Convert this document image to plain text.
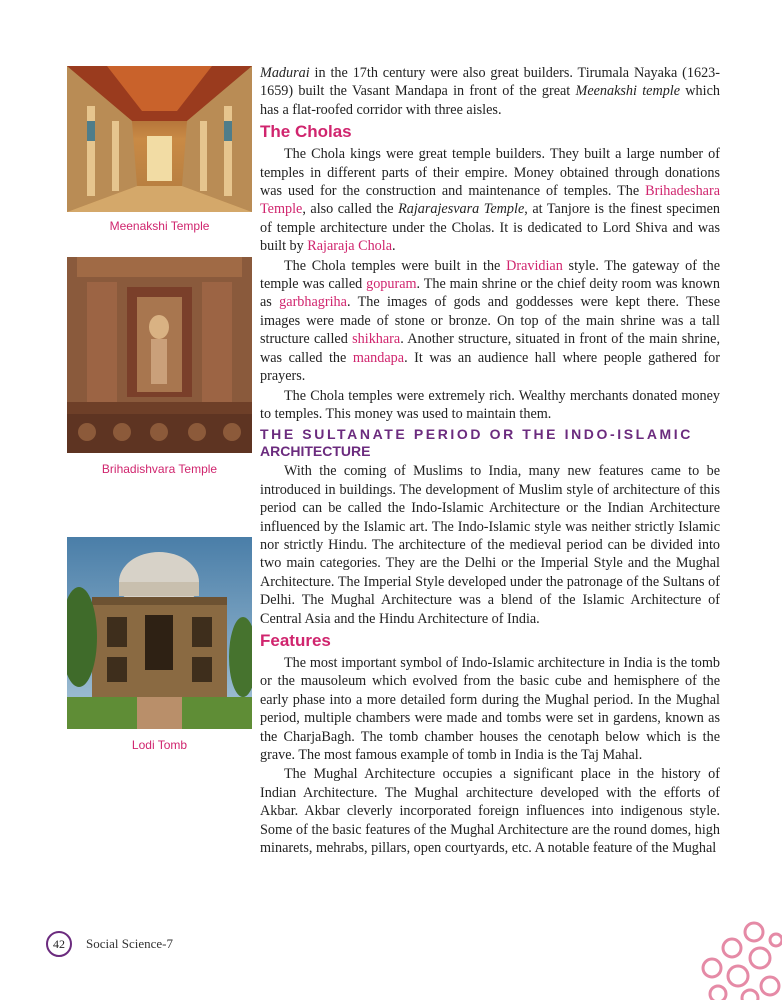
Meenakshi Temple
Brihadishvara Temple
Lodi Tomb

Madurai in the 17th century were also great builders. Tirumala Nayaka (1623-1659) built the Vasant Mandapa in front of the great Meenakshi temple which has a flat-roofed corridor with three aisles.

The Cholas

The Chola kings were great temple builders. They built a large number of temples in different parts of their empire. Money obtained through donations was used for the construction and maintenance of temples. The Brihadeshara Temple, also called the Rajarajesvara Temple, at Tanjore is the finest specimen of temple architecture under the Cholas. It is dedicated to Lord Shiva and was built by Rajaraja Chola.

The Chola temples were built in the Dravidian style. The gateway of the temple was called gopuram. The main shrine or the chief deity room was known as garbhagriha. The images of gods and goddesses were kept there. These images were made of stone or bronze. On top of the main shrine was a tall structure called shikhara. Another structure, situated in front of the main shrine, was called the mandapa. It was an audience hall where people gathered for prayers.

The Chola temples were extremely rich. Wealthy merchants donated money to temples. This money was used to maintain them.

THE SULTANATE PERIOD OR THE INDO-ISLAMIC
ARCHITECTURE

With the coming of Muslims to India, many new features came to be introduced in buildings. The development of Muslim style of architecture of this period can be called the Indo-Islamic Architecture or the Indian Architecture influenced by the Islamic art. The Indo-Islamic style was neither strictly Islamic nor strictly Hindu. The architecture of the medieval period can be divided into two main categories. They are the Delhi or the Imperial Style and the Mughal Architecture. The Imperial Style developed under the patronage of the Sultans of Delhi. The Mughal Architecture was a blend of the Islamic Architecture of Central Asia and the Hindu Architecture of India.

Features

The most important symbol of Indo-Islamic architecture in India is the tomb or the mausoleum which evolved from the basic cube and hemisphere of the early phase into a more detailed form during the Mughal period. In the Mughal period, multiple chambers were made and tombs were set in gardens, known as the CharjaBagh. The tomb chamber houses the cenotaph below which is the grave. The most famous example of tomb in India is the Taj Mahal.

The Mughal Architecture occupies a significant place in the history of Indian Architecture. The Mughal architecture developed with the efforts of Akbar. Akbar cleverly incorporated foreign influences into indigenous style. Some of the basic features of the Mughal Architecture are the round domes, high minarets, mehrabs, pillars, open courtyards, etc. A notable feature of the Mughal

42	Social Science-7
